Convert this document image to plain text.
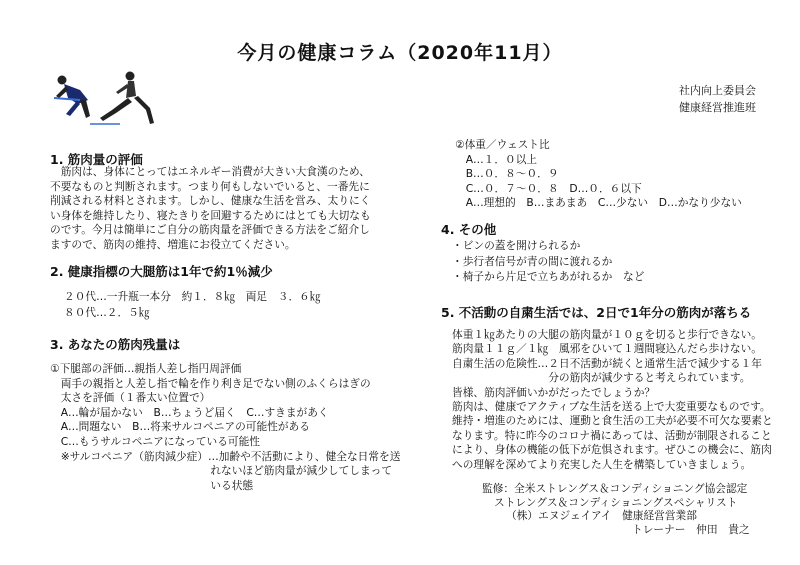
今月の健康コラム（2020年11月）
社内向上委員会
健康経営推進班
1. 筋肉量の評価
　筋肉は、身体にとってはエネルギー消費が大きい大食漢のため、
不要なものと判断されます。つまり何もしないでいると、一番先に
削減される材料とされます。しかし、健康な生活を営み、太りにく
い身体を維持したり、寝たきりを回避するためにはとても大切なも
のです。今月は簡単にご自分の筋肉量を評価できる方法をご紹介し
ますので、筋肉の維持、増進にお役立てください。
2. 健康指標の大腿筋は1年で約1％減少
２０代…一升瓶一本分　約１．８㎏　両足　３．６㎏
８０代…２．５㎏
3. あなたの筋肉残量は
①下腿部の評価…親指人差し指円周評価
　両手の親指と人差し指で輪を作り利き足でない側のふくらはぎの
　太さを評価（１番太い位置で）
　A…輪が届かない　B…ちょうど届く　C…すきまがあく
　A…問題ない　B…将来サルコペニアの可能性がある
　C…もうサルコペニアになっている可能性
　※サルコペニア（筋肉減少症）…加齢や不活動により、健全な日常を送
　　　　　　　　　　　　　　　れないほど筋肉量が減少してしまって
　　　　　　　　　　　　　　　いる状態
②体重／ウェスト比
　A…１．０以上
　B…０．８～０．９
　C…０．７～０．８　D…０．６以下
　A…理想的　B…まあまあ　C…少ない　D…かなり少ない
4. その他
・ビンの蓋を開けられるか
・歩行者信号が青の間に渡れるか
・椅子から片足で立ちあがれるか　など
5. 不活動の自粛生活では、2日で1年分の筋肉が落ちる
体重１㎏あたりの大腿の筋肉量が１０ｇを切ると歩行できない。
筋肉量１１ｇ／１㎏　風邪をひいて１週間寝込んだら歩けない。
自粛生活の危険性…２日不活動が続くと通常生活で減少する１年
　　　　　　　　　分の筋肉が減少すると考えられています。
皆様、筋肉評価いかがだったでしょうか？
筋肉は、健康でアクティブな生活を送る上で大変重要なものです。
維持・増進のためには、運動と食生活の工夫が必要不可欠な要素と
なります。特に昨今のコロナ禍にあっては、活動が制限されること
により、身体の機能の低下が危惧されます。ぜひこの機会に、筋肉
への理解を深めてより充実した人生を構築していきましょう。
監修：全米ストレングス＆コンディショニング協会認定
ストレングス＆コンディショニングスペシャリスト
（株）エヌジェイアイ　健康経営営業部
トレーナー　仲田　貴之
